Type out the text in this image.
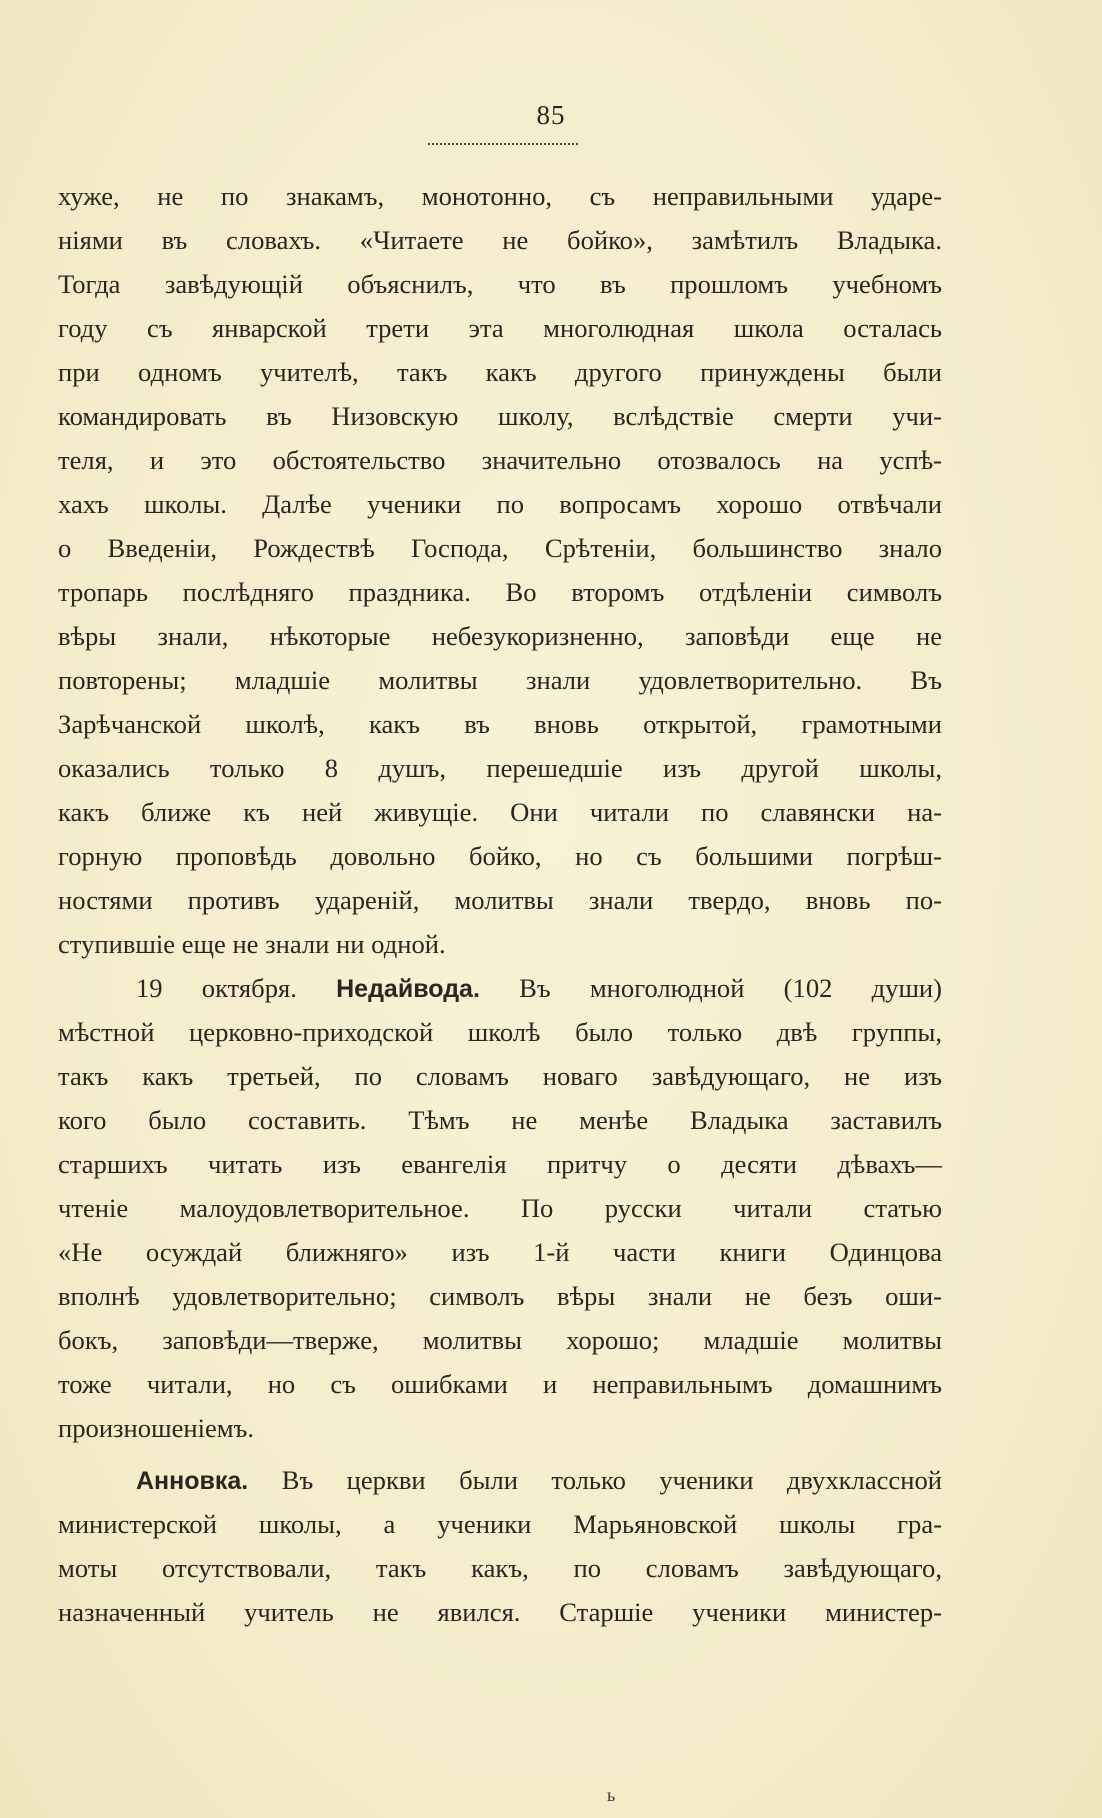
85
хуже, не по знакамъ, монотонно, съ неправильными ударе-
ніями въ словахъ. «Читаете не бойко», замѣтилъ Владыка.
Тогда завѣдующій объяснилъ, что въ прошломъ учебномъ
году съ январской трети эта многолюдная школа осталась
при одномъ учителѣ, такъ какъ другого принуждены были
командировать въ Низовскую школу, вслѣдствіе смерти учи-
теля, и это обстоятельство значительно отозвалось на успѣ-
хахъ школы. Далѣе ученики по вопросамъ хорошо отвѣчали
о Введеніи, Рождествѣ Господа, Срѣтеніи, большинство знало
тропарь послѣдняго праздника. Во второмъ отдѣленіи символъ
вѣры знали, нѣкоторые небезукоризненно, заповѣди еще не
повторены; младшіе молитвы знали удовлетворительно. Въ
Зарѣчанской школѣ, какъ въ вновь открытой, грамотными
оказались только 8 душъ, перешедшіе изъ другой школы,
какъ ближе къ ней живущіе. Они читали по славянски на-
горную проповѣдь довольно бойко, но съ большими погрѣш-
ностями противъ удареній, молитвы знали твердо, вновь по-
ступившіе еще не знали ни одной.
19 октября. Недайвода. Въ многолюдной (102 души)
мѣстной церковно-приходской школѣ было только двѣ группы,
такъ какъ третьей, по словамъ новаго завѣдующаго, не изъ
кого было составить. Тѣмъ не менѣе Владыка заставилъ
старшихъ читать изъ евангелія притчу о десяти дѣвахъ—
чтеніе малоудовлетворительное. По русски читали статью
«Не осуждай ближняго» изъ 1-й части книги Одинцова
вполнѣ удовлетворительно; символъ вѣры знали не безъ оши-
бокъ, заповѣди—тверже, молитвы хорошо; младшіе молитвы
тоже читали, но съ ошибками и неправильнымъ домашнимъ
произношеніемъ.
Анновка. Въ церкви были только ученики двухклассной
министерской школы, а ученики Марьяновской школы гра-
моты отсутствовали, такъ какъ, по словамъ завѣдующаго,
назначенный учитель не явился. Старшіе ученики министер-
ь
